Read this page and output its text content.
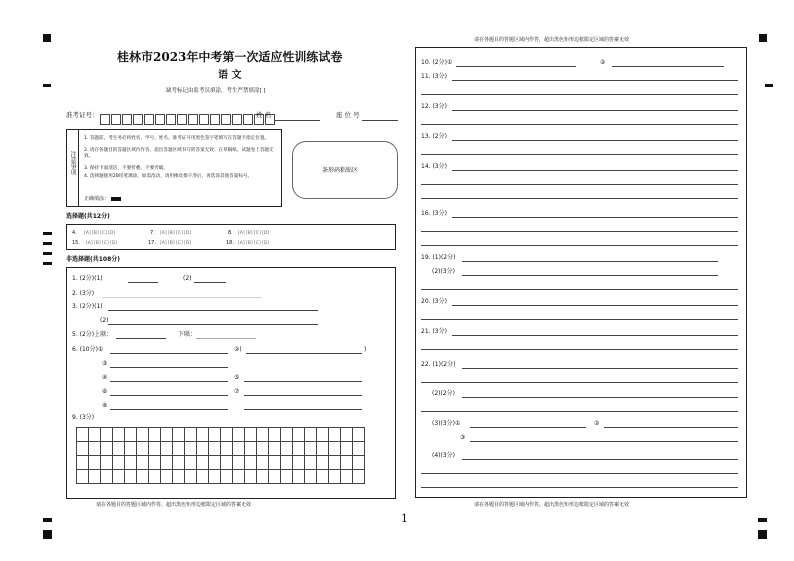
桂林市2023年中考第一次适应性训练试卷
语 文
缺考标记由监考员填涂，考生严禁填涂[ ]
准考证号：	姓 名	座 位 号
注意事项
1. 答题前，考生务必将姓名、学号、姓名、准考证号用黑色签字笔填写在答题卡指定位置。
2. 请在各题目的答题区域内作答，超出答题区域书写的答案无效；在草稿纸、试题卷上答题无效。
3. 保持卡面清洁，不要折叠、不要弄破。
4. 选择题使用2B铅笔填涂，如需改动，请用橡皮擦干净后，再选涂其他答案标号。
正确填涂：
条形码粘贴区
选择题(共12分)
4. [A] [B] [C] [D]	7. [A] [B] [C] [D]	8. [A] [B] [C] [D]
15. [A] [B] [C] [D]	17. [A] [B] [C] [D]	18. [A] [B] [C] [D]
非选择题(共108分)
1. (2分)(1)	(2)
2. (3分)
3. (2分)(1)
(2)
5. (2分)上联：	下联：
6. (10分)①	②(	)
③
④	⑤
⑥	⑦
⑧
9. (3分)

请在各题目的答题区域内作答，超出黑色矩形边框限定区域的答案无效
1
请在各题目的答题区域内作答，超出黑色矩形边框限定区域的答案无效
10. (2分)①	②
11. (3分)
12. (3分)
13. (2分)
14. (3分)
16. (3分)
19. (1)(2分)
(2)(3分)
20. (3分)
21. (3分)
22. (1)(2分)
(2)(2分)
(3)(3分)①	②
③
(4)(3分)
请在各题目的答题区域内作答，超出黑色矩形边框限定区域的答案无效
